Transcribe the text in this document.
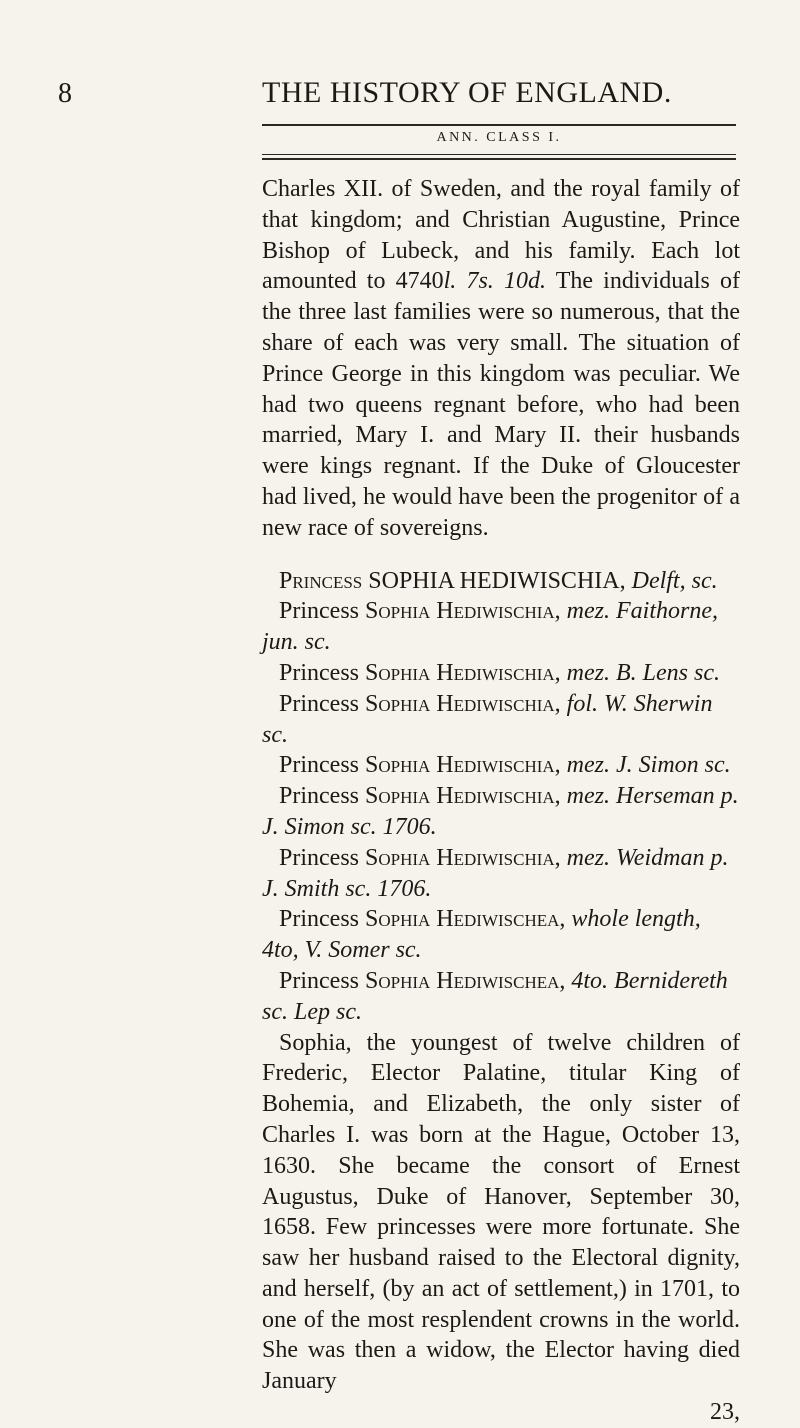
8	THE HISTORY OF ENGLAND.
ANN. CLASS I.

Charles XII. of Sweden, and the royal family of that kingdom; and Christian Augustine, Prince Bishop of Lubeck, and his family. Each lot amounted to 4740l. 7s. 10d. The individuals of the three last families were so numerous, that the share of each was very small. The situation of Prince George in this kingdom was peculiar. We had two queens regnant before, who had been married, Mary I. and Mary II. their husbands were kings regnant. If the Duke of Gloucester had lived, he would have been the progenitor of a new race of sovereigns.

Princess SOPHIA HEDIWISCHIA, Delft, sc.

Princess Sophia Hediwischia, mez. Faithorne, jun. sc.

Princess Sophia Hediwischia, mez. B. Lens sc.

Princess Sophia Hediwischia, fol. W. Sherwin sc.

Princess Sophia Hediwischia, mez. J. Simon sc.

Princess Sophia Hediwischia, mez. Herseman p. J. Simon sc. 1706.

Princess Sophia Hediwischia, mez. Weidman p. J. Smith sc. 1706.

Princess Sophia Hediwischea, whole length, 4to, V. Somer sc.

Princess Sophia Hediwischea, 4to. Bernidereth sc. Lep sc.

Sophia, the youngest of twelve children of Frederic, Elector Palatine, titular King of Bohemia, and Elizabeth, the only sister of Charles I. was born at the Hague, October 13, 1630. She became the consort of Ernest Augustus, Duke of Hanover, September 30, 1658. Few princesses were more fortunate. She saw her husband raised to the Electoral dignity, and herself, (by an act of settlement,) in 1701, to one of the most resplendent crowns in the world. She was then a widow, the Elector having died January

23,
